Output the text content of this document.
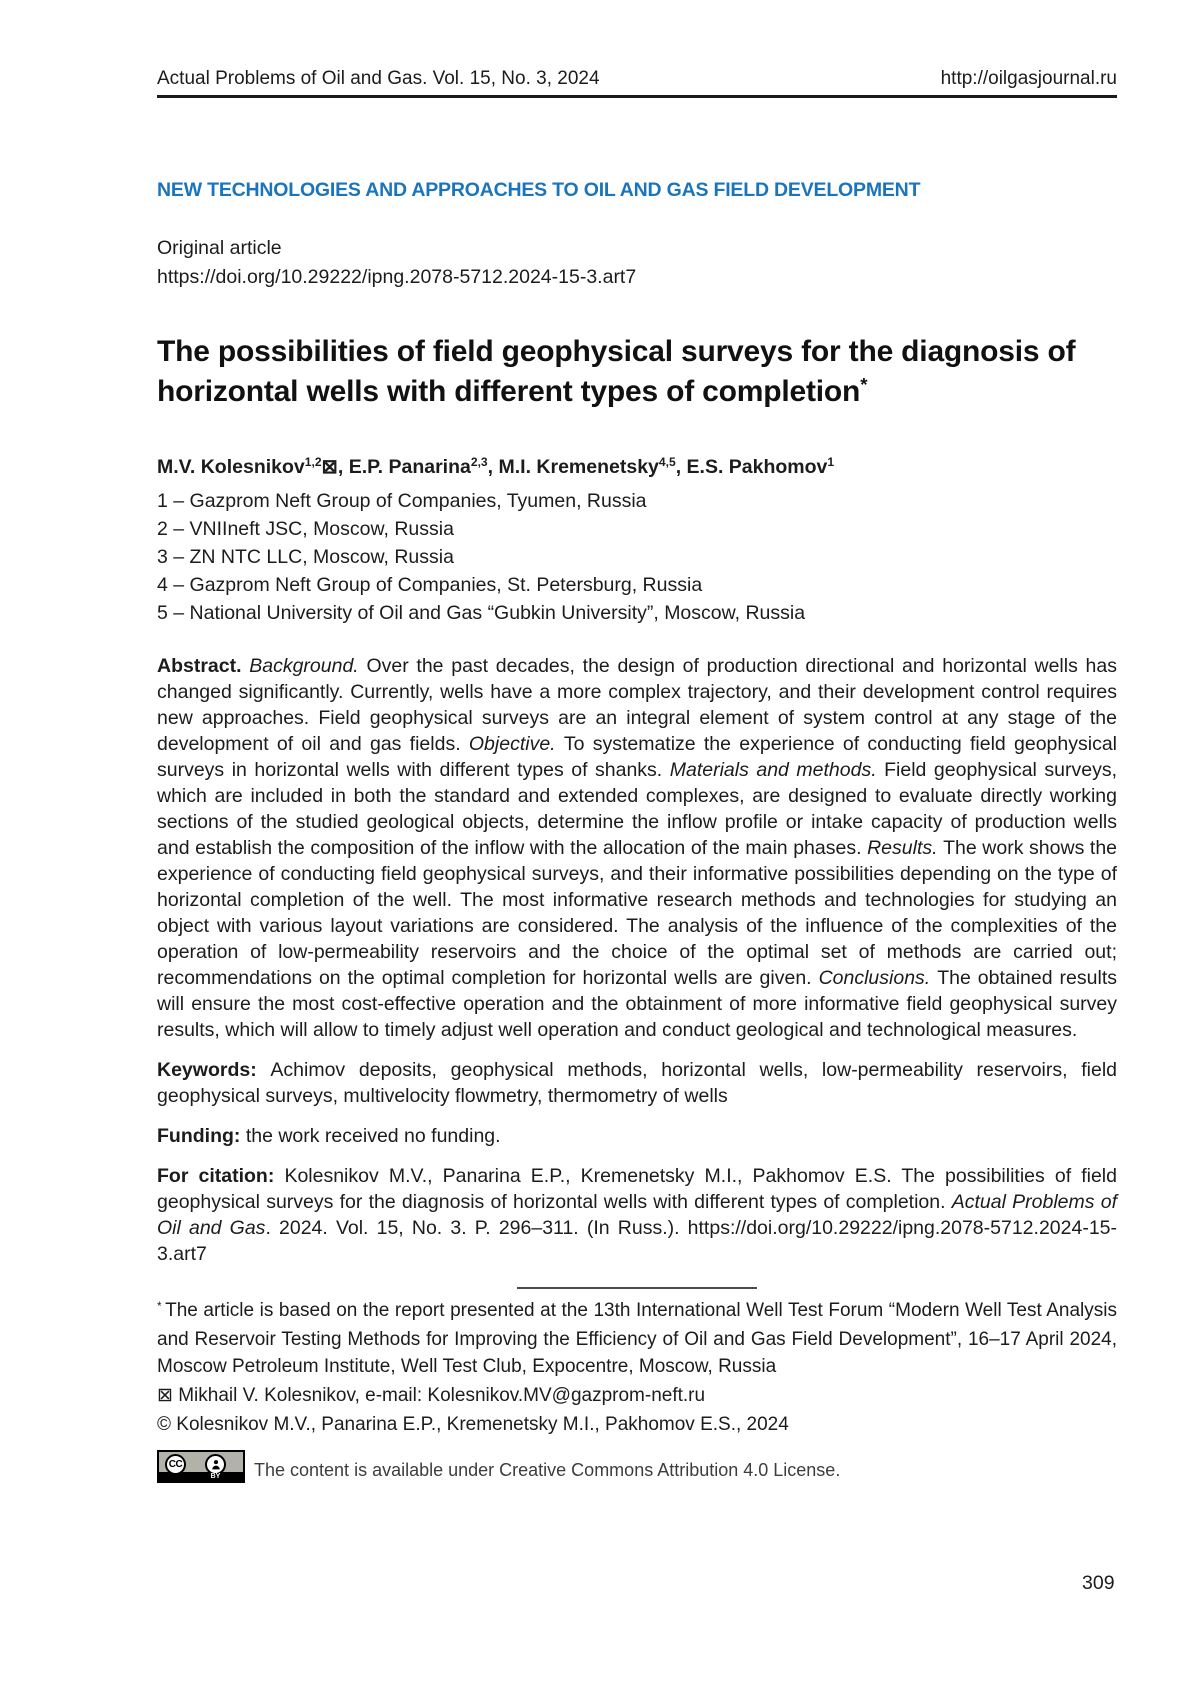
Actual Problems of Oil and Gas. Vol. 15, No. 3, 2024	http://oilgasjournal.ru
NEW TECHNOLOGIES AND APPROACHES TO OIL AND GAS FIELD DEVELOPMENT
Original article
https://doi.org/10.29222/ipng.2078-5712.2024-15-3.art7
The possibilities of field geophysical surveys for the diagnosis of horizontal wells with different types of completion*
M.V. Kolesnikov$^{1,2}$⊠, E.P. Panarina$^{2,3}$, M.I. Kremenetsky$^{4,5}$, E.S. Pakhomov$^1$
1 – Gazprom Neft Group of Companies, Tyumen, Russia
2 – VNIIneft JSC, Moscow, Russia
3 – ZN NTC LLC, Moscow, Russia
4 – Gazprom Neft Group of Companies, St. Petersburg, Russia
5 – National University of Oil and Gas “Gubkin University”, Moscow, Russia
Abstract. Background. Over the past decades, the design of production directional and horizontal wells has changed significantly. Currently, wells have a more complex trajectory, and their development control requires new approaches. Field geophysical surveys are an integral element of system control at any stage of the development of oil and gas fields. Objective. To systematize the experience of conducting field geophysical surveys in horizontal wells with different types of shanks. Materials and methods. Field geophysical surveys, which are included in both the standard and extended complexes, are designed to evaluate directly working sections of the studied geological objects, determine the inflow profile or intake capacity of production wells and establish the composition of the inflow with the allocation of the main phases. Results. The work shows the experience of conducting field geophysical surveys, and their informative possibilities depending on the type of horizontal completion of the well. The most informative research methods and technologies for studying an object with various layout variations are considered. The analysis of the influence of the complexities of the operation of low-permeability reservoirs and the choice of the optimal set of methods are carried out; recommendations on the optimal completion for horizontal wells are given. Conclusions. The obtained results will ensure the most cost-effective operation and the obtainment of more informative field geophysical survey results, which will allow to timely adjust well operation and conduct geological and technological measures.
Keywords: Achimov deposits, geophysical methods, horizontal wells, low-permeability reservoirs, field geophysical surveys, multivelocity flowmetry, thermometry of wells
Funding: the work received no funding.
For citation: Kolesnikov M.V., Panarina E.P., Kremenetsky M.I., Pakhomov E.S. The possibilities of field geophysical surveys for the diagnosis of horizontal wells with different types of completion. Actual Problems of Oil and Gas. 2024. Vol. 15, No. 3. P. 296–311. (In Russ.). https://doi.org/10.29222/ipng.2078-5712.2024-15-3.art7
* The article is based on the report presented at the 13th International Well Test Forum “Modern Well Test Analysis and Reservoir Testing Methods for Improving the Efficiency of Oil and Gas Field Development”, 16–17 April 2024, Moscow Petroleum Institute, Well Test Club, Expocentre, Moscow, Russia
⊠ Mikhail V. Kolesnikov, e-mail: Kolesnikov.MV@gazprom-neft.ru
© Kolesnikov M.V., Panarina E.P., Kremenetsky M.I., Pakhomov E.S., 2024
CC
BY	The content is available under Creative Commons Attribution 4.0 License.
309
